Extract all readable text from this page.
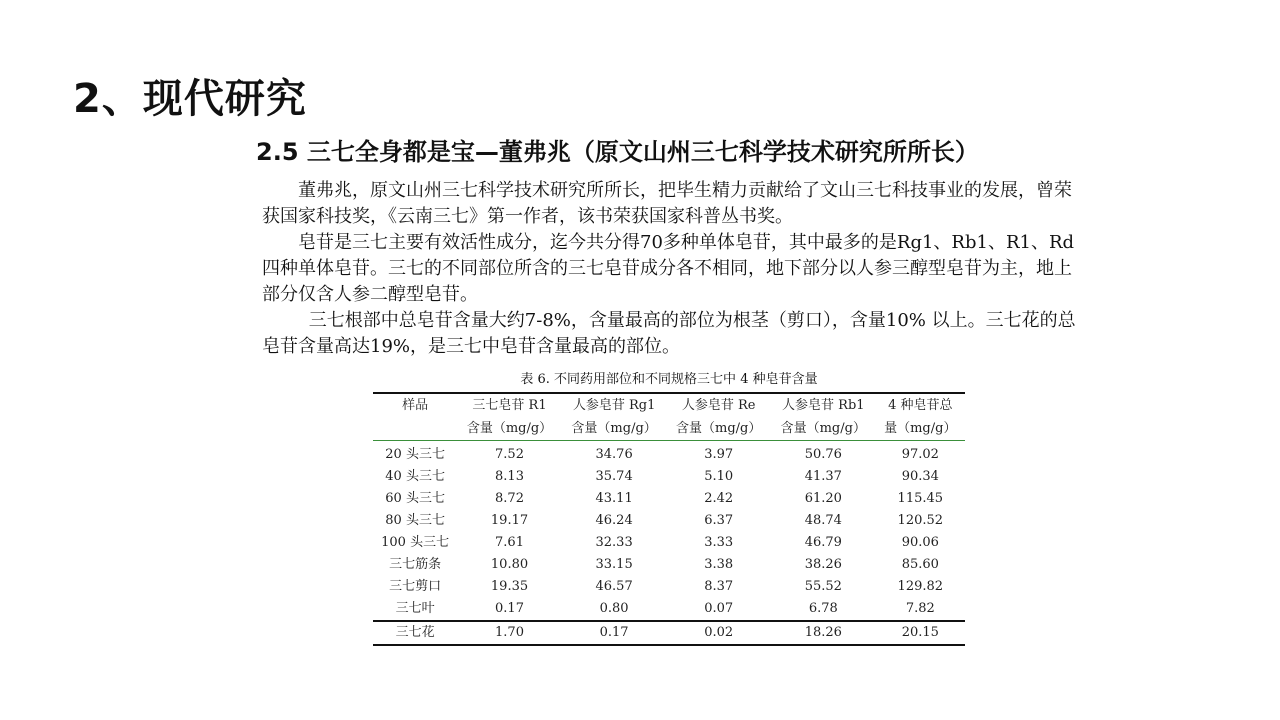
2、现代研究
2.5 三七全身都是宝—董弗兆（原文山州三七科学技术研究所所长）

董弗兆，原文山州三七科学技术研究所所长，把毕生精力贡献给了文山三七科技事业的发展，曾荣获国家科技奖，《云南三七》第一作者，该书荣获国家科普丛书奖。

皂苷是三七主要有效活性成分，迄今共分得70多种单体皂苷，其中最多的是Rg1、Rb1、R1、Rd四种单体皂苷。三七的不同部位所含的三七皂苷成分各不相同，地下部分以人参三醇型皂苷为主，地上部分仅含人参二醇型皂苷。

三七根部中总皂苷含量大约7-8%，含量最高的部位为根茎（剪口），含量10% 以上。三七花的总皂苷含量高达19%，是三七中皂苷含量最高的部位。

表 6. 不同药用部位和不同规格三七中 4 种皂苷含量
样品	三七皂苷 R1	人参皂苷 Rg1	人参皂苷 Re	人参皂苷 Rb1	4 种皂苷总
	含量（mg/g）	含量（mg/g）	含量（mg/g）	含量（mg/g）	量（mg/g）
20 头三七	7.52	34.76	3.97	50.76	97.02
40 头三七	8.13	35.74	5.10	41.37	90.34
60 头三七	8.72	43.11	2.42	61.20	115.45
80 头三七	19.17	46.24	6.37	48.74	120.52
100 头三七	7.61	32.33	3.33	46.79	90.06
三七筋条	10.80	33.15	3.38	38.26	85.60
三七剪口	19.35	46.57	8.37	55.52	129.82
三七叶	0.17	0.80	0.07	6.78	7.82
三七花	1.70	0.17	0.02	18.26	20.15
